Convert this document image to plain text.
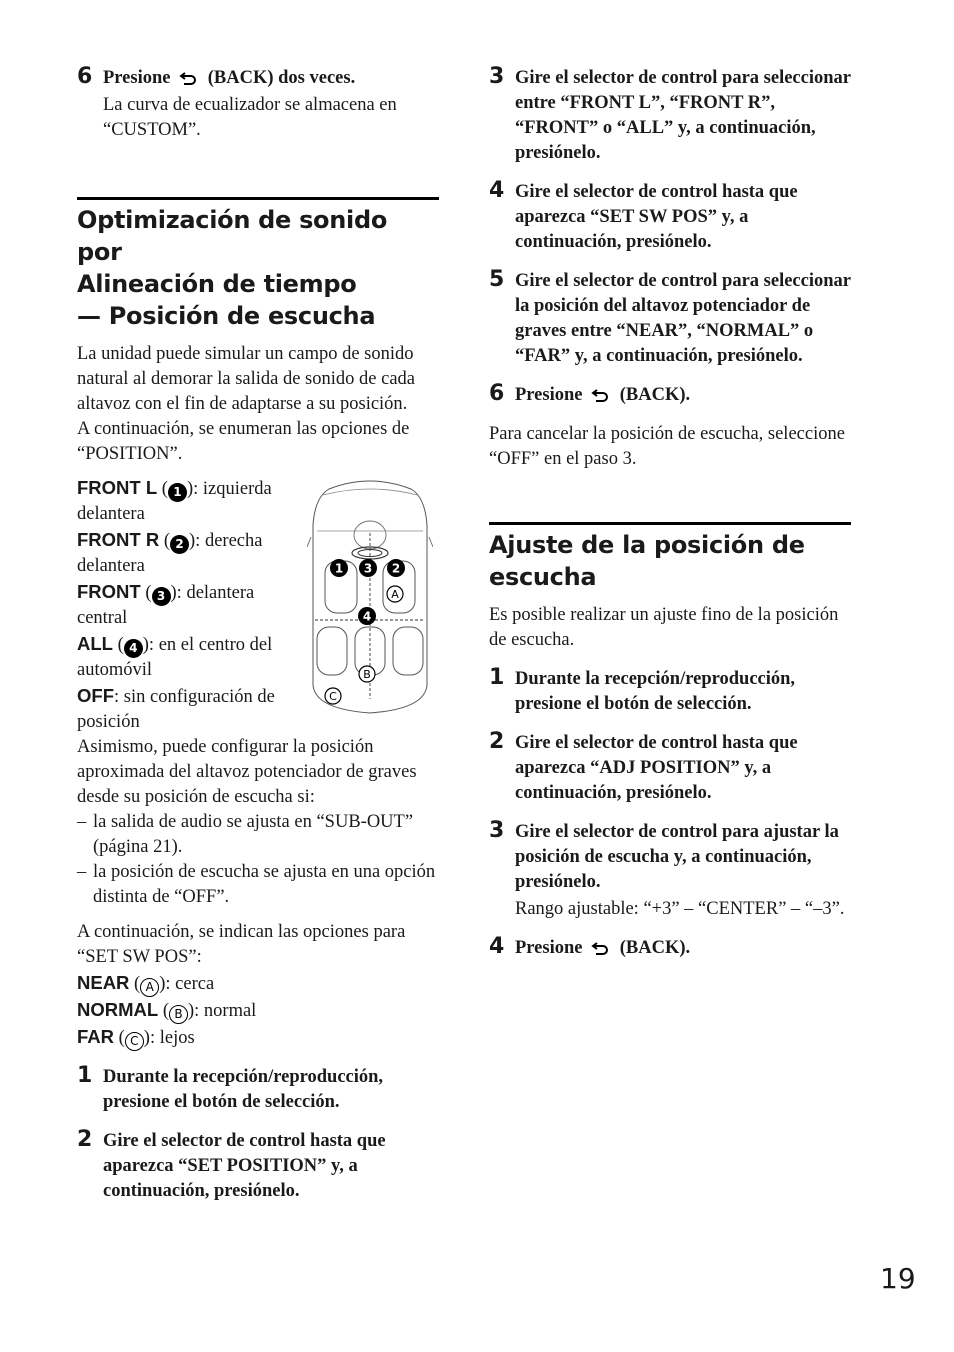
6 Presione (BACK) dos veces.
La curva de ecualizador se almacena en “CUSTOM”.
Optimización de sonido por
Alineación de tiempo
— Posición de escucha

La unidad puede simular un campo de sonido natural al demorar la salida de sonido de cada altavoz con el fin de adaptarse a su posición.
A continuación, se enumeran las opciones de “POSITION”.

FRONT L ( 1 ): izquierda delantera
FRONT R ( 2 ): derecha delantera
FRONT ( 3 ): delantera central
ALL ( 4 ): en el centro del automóvil
OFF: sin configuración de posición
1 3 2
A
4
B
C

Asimismo, puede configurar la posición aproximada del altavoz potenciador de graves desde su posición de escucha si:

– la salida de audio se ajusta en “SUB-OUT” (página 21).
– la posición de escucha se ajusta en una opción distinta de “OFF”.

A continuación, se indican las opciones para “SET SW POS”:

NEAR ( A ): cerca
NORMAL ( B ): normal
FAR ( C ): lejos
1 Durante la recepción/reproducción, presione el botón de selección.
2 Gire el selector de control hasta que aparezca “SET POSITION” y, a continuación, presiónelo.
3 Gire el selector de control para seleccionar entre “FRONT L”, “FRONT R”, “FRONT” o “ALL” y, a continuación, presiónelo.
4 Gire el selector de control hasta que aparezca “SET SW POS” y, a continuación, presiónelo.
5 Gire el selector de control para seleccionar la posición del altavoz potenciador de graves entre “NEAR”, “NORMAL” o “FAR” y, a continuación, presiónelo.
6 Presione (BACK).

Para cancelar la posición de escucha, seleccione “OFF” en el paso 3.

Ajuste de la posición de
escucha

Es posible realizar un ajuste fino de la posición de escucha.

1 Durante la recepción/reproducción, presione el botón de selección.
2 Gire el selector de control hasta que aparezca “ADJ POSITION” y, a continuación, presiónelo.
3 Gire el selector de control para ajustar la posición de escucha y, a continuación, presiónelo.
Rango ajustable: “+3” – “CENTER” – “–3”.
4 Presione (BACK).
19
